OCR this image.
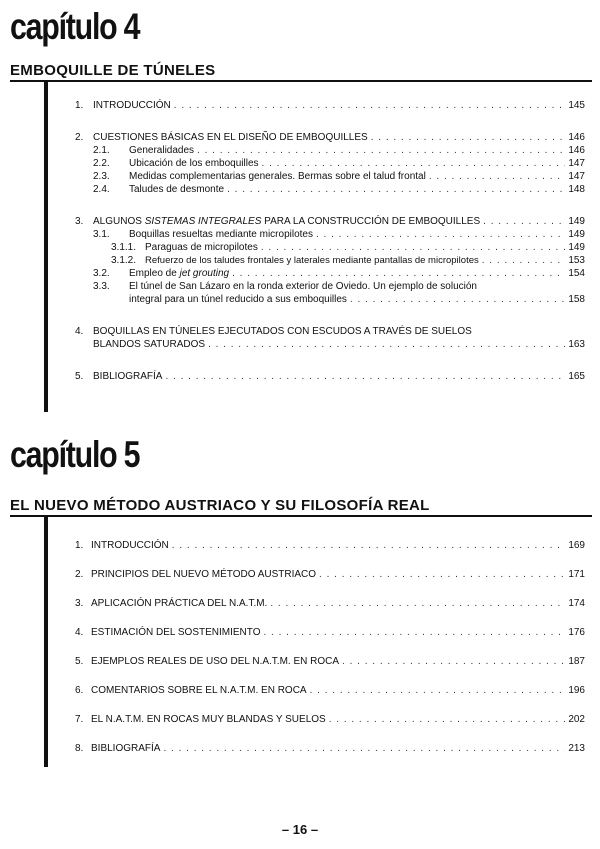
capítulo 4
EMBOQUILLE DE TÚNELES
1. INTRODUCCIÓN . . .	145
2. CUESTIONES BÁSICAS EN EL DISEÑO DE EMBOQUILLES . . .	146
2.1.	Generalidades . . .	146
2.2.	Ubicación de los emboquilles . . .	147
2.3.	Medidas complementarias generales. Bermas sobre el talud frontal . . .	147
2.4.	Taludes de desmonte . . .	148
3. ALGUNOS SISTEMAS INTEGRALES PARA LA CONSTRUCCIÓN DE EMBOQUILLES . . .	149
3.1.	Boquillas resueltas mediante micropilotes . . .	149
3.1.1. Paraguas de micropilotes . . .	149
3.1.2. Refuerzo de los taludes frontales y laterales mediante pantallas de micropilotes . . .	153
3.2.	Empleo de jet grouting . . .	154
3.3. El túnel de San Lázaro en la ronda exterior de Oviedo. Un ejemplo de solución
integral para un túnel reducido a sus emboquilles . . .	158
4. BOQUILLAS EN TÚNELES EJECUTADOS CON ESCUDOS A TRAVÉS DE SUELOS
BLANDOS SATURADOS . . .	163
5. BIBLIOGRAFÍA . . .	165
capítulo 5
EL NUEVO MÉTODO AUSTRIACO Y SU FILOSOFÍA REAL
1. INTRODUCCIÓN . . .	169
2. PRINCIPIOS DEL NUEVO MÉTODO AUSTRIACO . . .	171
3. APLICACIÓN PRÁCTICA DEL N.A.T.M. . . .	174
4. ESTIMACIÓN DEL SOSTENIMIENTO . . .	176
5. EJEMPLOS REALES DE USO DEL N.A.T.M. EN ROCA . . .	187
6. COMENTARIOS SOBRE EL N.A.T.M. EN ROCA . . .	196
7. EL N.A.T.M. EN ROCAS MUY BLANDAS Y SUELOS . . .	202
8. BIBLIOGRAFÍA . . .	213
– 16 –
